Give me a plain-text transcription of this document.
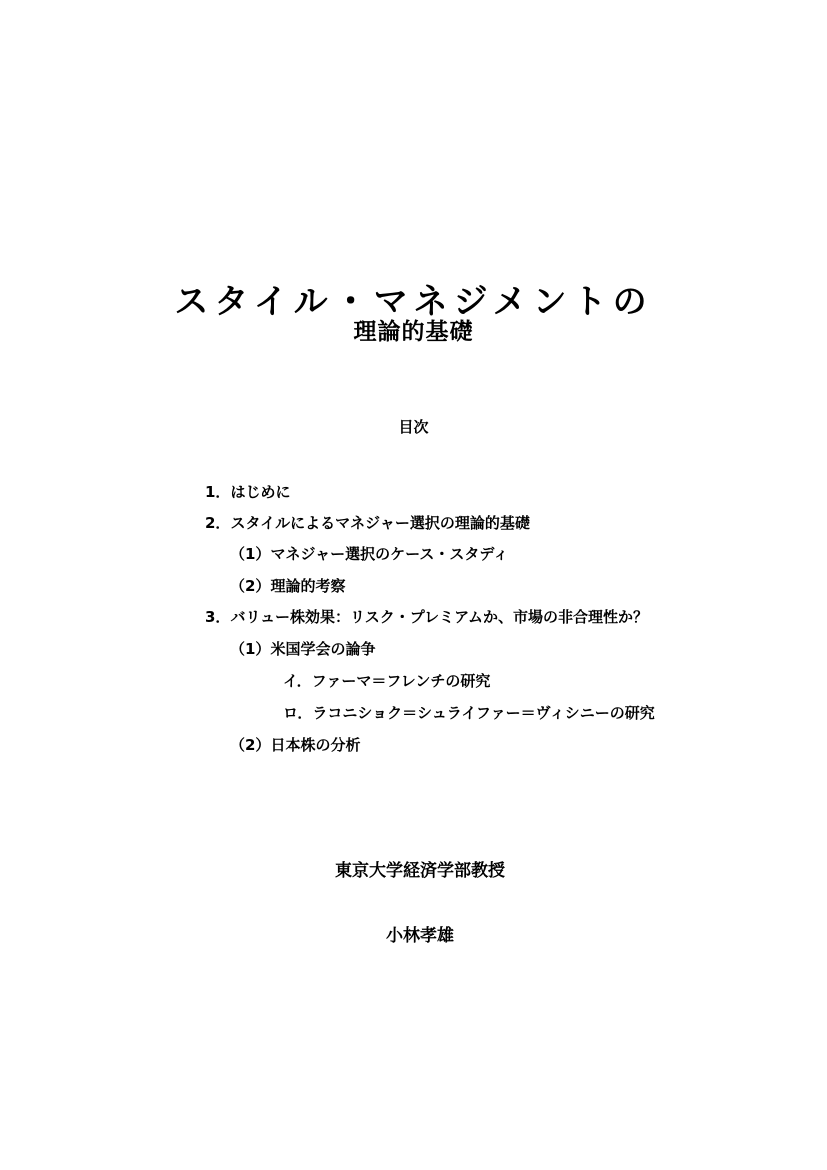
スタイル・マネジメントの
理論的基礎
目次
1．はじめに
2．スタイルによるマネジャー選択の理論的基礎
（1）マネジャー選択のケース・スタディ
（2）理論的考察
3．バリュー株効果：リスク・プレミアムか、市場の非合理性か？
（1）米国学会の論争
イ．ファーマ＝フレンチの研究
ロ．ラコニショク＝シュライファー＝ヴィシニーの研究
（2）日本株の分析
東京大学経済学部教授
小林孝雄
